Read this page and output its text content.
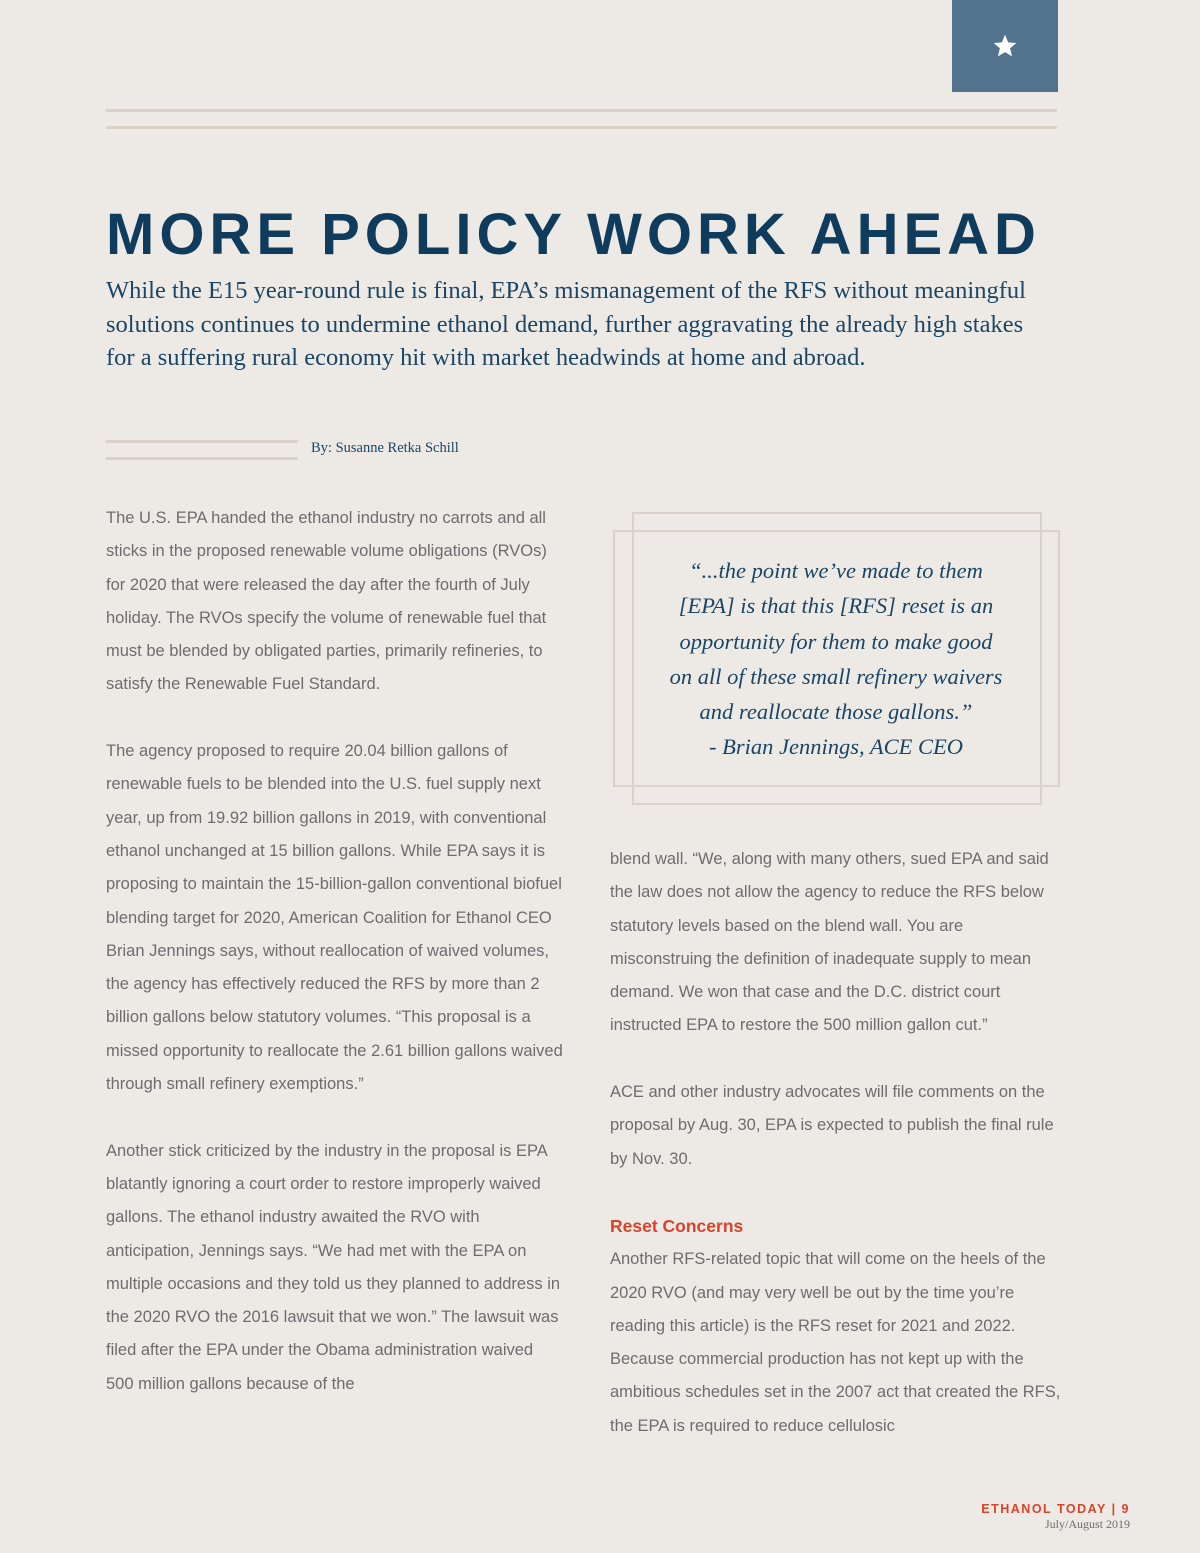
MORE POLICY WORK AHEAD

While the E15 year-round rule is final, EPA’s mismanagement of the RFS without meaningful solutions continues to undermine ethanol demand, further aggravating the already high stakes for a suffering rural economy hit with market headwinds at home and abroad.

By: Susanne Retka Schill

The U.S. EPA handed the ethanol industry no carrots and all sticks in the proposed renewable volume obligations (RVOs) for 2020 that were released the day after the fourth of July holiday. The RVOs specify the volume of renewable fuel that must be blended by obligated parties, primarily refineries, to satisfy the Renewable Fuel Standard.

The agency proposed to require 20.04 billion gallons of renewable fuels to be blended into the U.S. fuel supply next year, up from 19.92 billion gallons in 2019, with conventional ethanol unchanged at 15 billion gallons. While EPA says it is proposing to maintain the 15-billion-gallon conventional biofuel blending target for 2020, American Coalition for Ethanol CEO Brian Jennings says, without reallocation of waived volumes, the agency has effectively reduced the RFS by more than 2 billion gallons below statutory volumes. “This proposal is a missed opportunity to reallocate the 2.61 billion gallons waived through small refinery exemptions.”

Another stick criticized by the industry in the proposal is EPA blatantly ignoring a court order to restore improperly waived gallons. The ethanol industry awaited the RVO with anticipation, Jennings says. “We had met with the EPA on multiple occasions and they told us they planned to address in the 2020 RVO the 2016 lawsuit that we won.” The lawsuit was filed after the EPA under the Obama administration waived 500 million gallons because of the

“...the point we’ve made to them
[EPA] is that this [RFS] reset is an
opportunity for them to make good
on all of these small refinery waivers
and reallocate those gallons.”
- Brian Jennings, ACE CEO

blend wall. “We, along with many others, sued EPA and said the law does not allow the agency to reduce the RFS below statutory levels based on the blend wall. You are misconstruing the definition of inadequate supply to mean demand. We won that case and the D.C. district court instructed EPA to restore the 500 million gallon cut.”

ACE and other industry advocates will file comments on the proposal by Aug. 30, EPA is expected to publish the final rule by Nov. 30.

Reset Concerns

Another RFS-related topic that will come on the heels of the 2020 RVO (and may very well be out by the time you’re reading this article) is the RFS reset for 2021 and 2022. Because commercial production has not kept up with the ambitious schedules set in the 2007 act that created the RFS, the EPA is required to reduce cellulosic

ETHANOL TODAY | 9
July/August 2019
